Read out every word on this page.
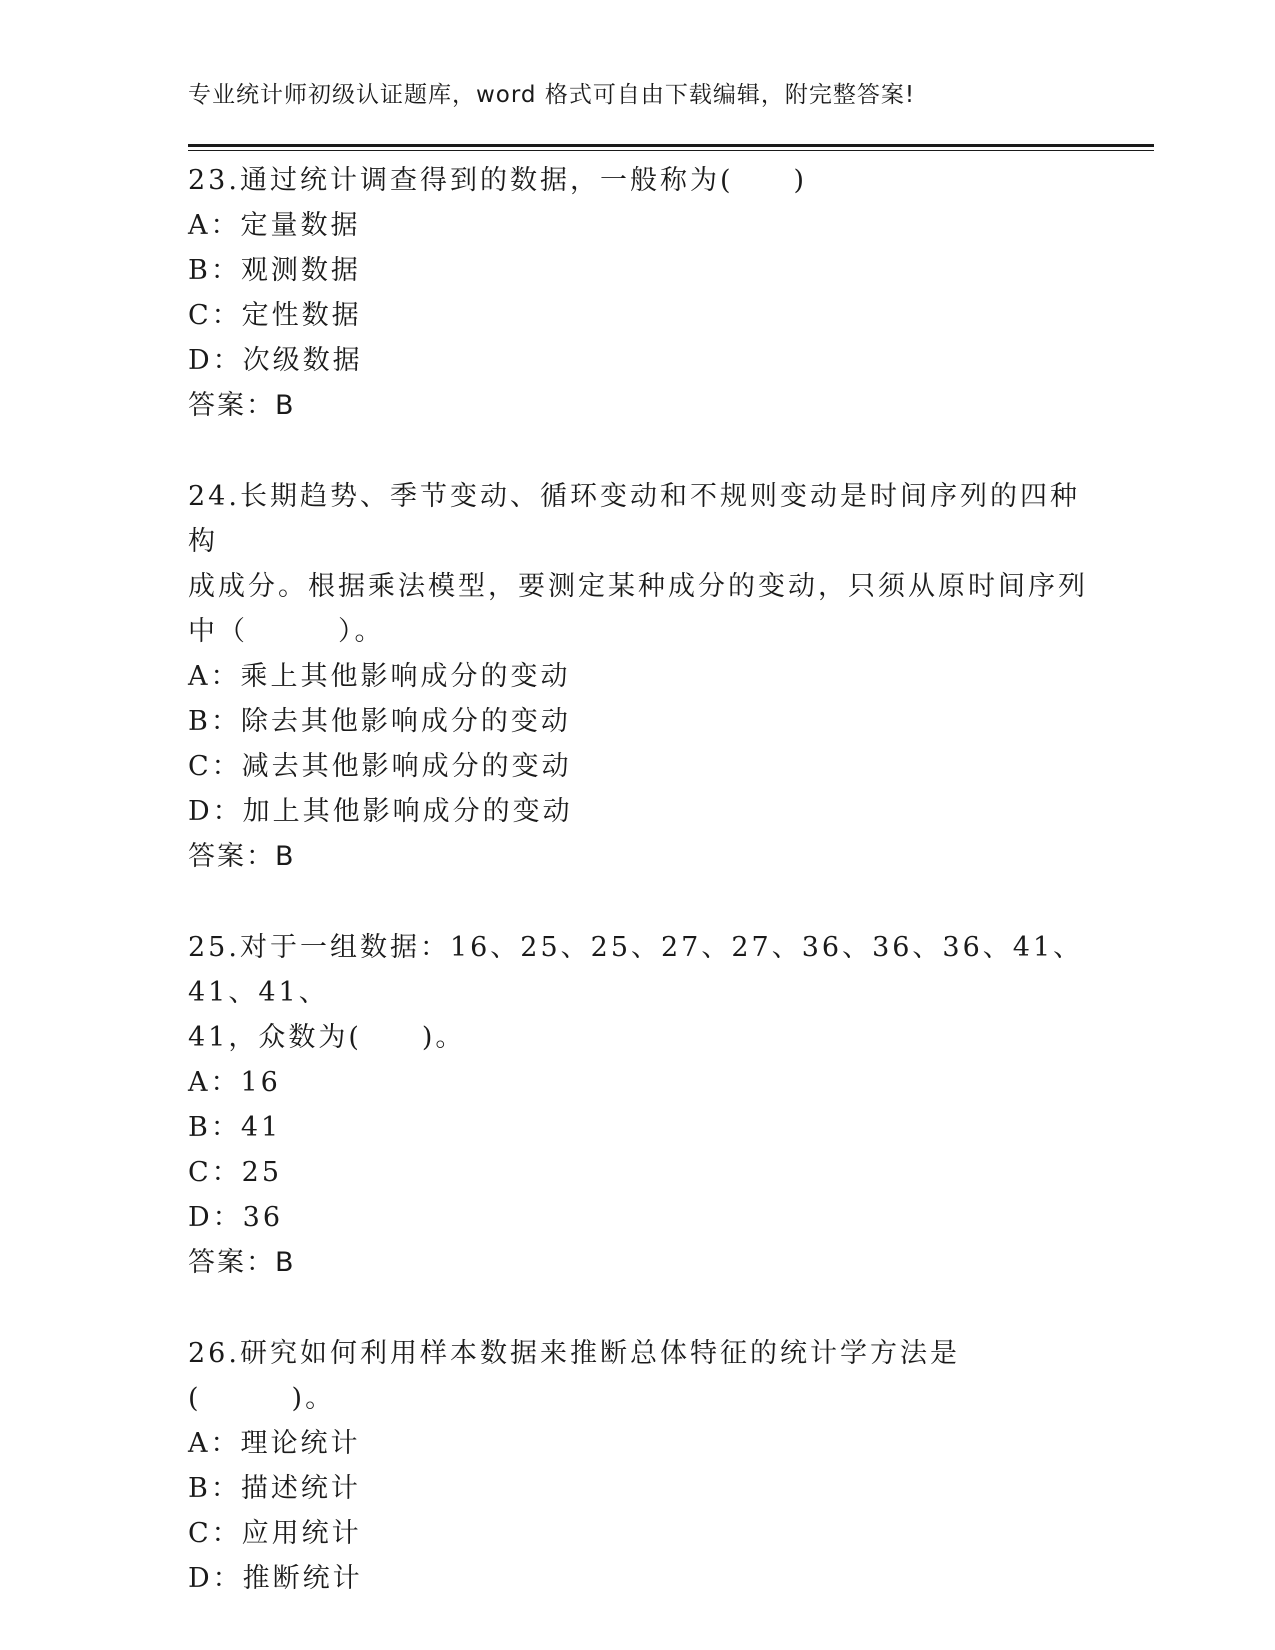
专业统计师初级认证题库，word 格式可自由下载编辑，附完整答案!
23.通过统计调查得到的数据，一般称为(　　)
A：定量数据
B：观测数据
C：定性数据
D：次级数据
答案：B
24.长期趋势、季节变动、循环变动和不规则变动是时间序列的四种构
成成分。根据乘法模型，要测定某种成分的变动，只须从原时间序列
中（　　　）。
A：乘上其他影响成分的变动
B：除去其他影响成分的变动
C：减去其他影响成分的变动
D：加上其他影响成分的变动
答案：B
25.对于一组数据：16、25、25、27、27、36、36、36、41、41、41、
41，众数为(　　)。
A：16
B：41
C：25
D：36
答案：B
26.研究如何利用样本数据来推断总体特征的统计学方法是(　　　)。
A：理论统计
B：描述统计
C：应用统计
D：推断统计
